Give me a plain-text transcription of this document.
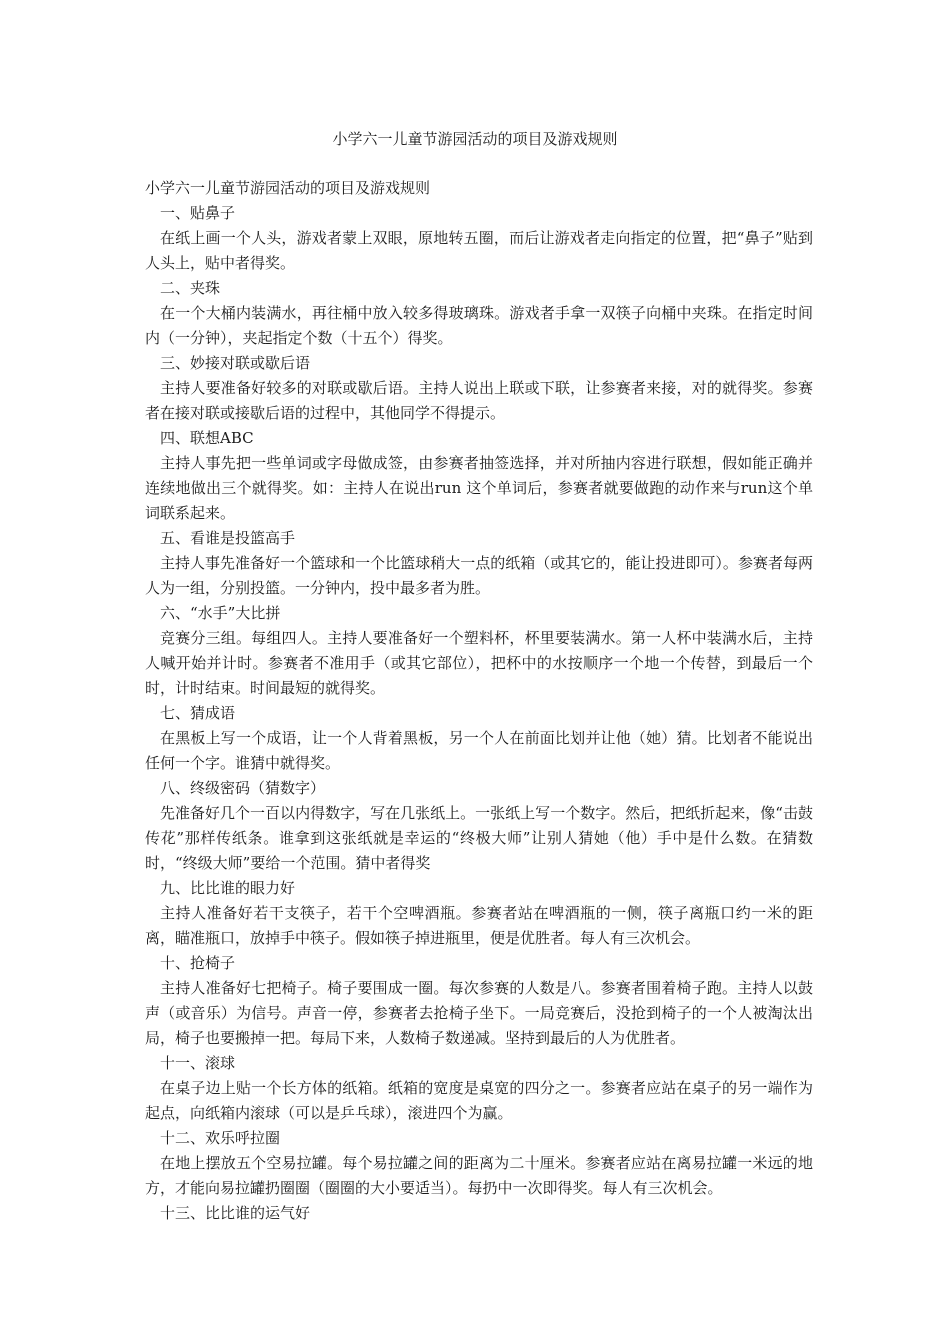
小学六一儿童节游园活动的项目及游戏规则

小学六一儿童节游园活动的项目及游戏规则

一、贴鼻子

在纸上画一个人头，游戏者蒙上双眼，原地转五圈，而后让游戏者走向指定的位置，把“鼻子”贴到人头上，贴中者得奖。

二、夹珠

在一个大桶内装满水，再往桶中放入较多得玻璃珠。游戏者手拿一双筷子向桶中夹珠。在指定时间内（一分钟），夹起指定个数（十五个）得奖。

三、妙接对联或歇后语

主持人要准备好较多的对联或歇后语。主持人说出上联或下联，让参赛者来接，对的就得奖。参赛者在接对联或接歇后语的过程中，其他同学不得提示。

四、联想ABC

主持人事先把一些单词或字母做成签，由参赛者抽签选择，并对所抽内容进行联想，假如能正确并连续地做出三个就得奖。如：主持人在说出run 这个单词后，参赛者就要做跑的动作来与run这个单词联系起来。

五、看谁是投篮高手

主持人事先准备好一个篮球和一个比篮球稍大一点的纸箱（或其它的，能让投进即可）。参赛者每两人为一组，分别投篮。一分钟内，投中最多者为胜。

六、“水手”大比拼

竞赛分三组。每组四人。主持人要准备好一个塑料杯，杯里要装满水。第一人杯中装满水后，主持人喊开始并计时。参赛者不准用手（或其它部位），把杯中的水按顺序一个地一个传替，到最后一个时，计时结束。时间最短的就得奖。

七、猜成语

在黑板上写一个成语，让一个人背着黑板，另一个人在前面比划并让他（她）猜。比划者不能说出任何一个字。谁猜中就得奖。

八、终级密码（猜数字）

先准备好几个一百以内得数字，写在几张纸上。一张纸上写一个数字。然后，把纸折起来，像“击鼓传花”那样传纸条。谁拿到这张纸就是幸运的“终极大师”让别人猜她（他）手中是什么数。在猜数时，“终级大师”要给一个范围。猜中者得奖

九、比比谁的眼力好

主持人准备好若干支筷子，若干个空啤酒瓶。参赛者站在啤酒瓶的一侧，筷子离瓶口约一米的距离，瞄准瓶口，放掉手中筷子。假如筷子掉进瓶里，便是优胜者。每人有三次机会。

十、抢椅子

主持人准备好七把椅子。椅子要围成一圈。每次参赛的人数是八。参赛者围着椅子跑。主持人以鼓声（或音乐）为信号。声音一停，参赛者去抢椅子坐下。一局竞赛后，没抢到椅子的一个人被淘汰出局，椅子也要搬掉一把。每局下来，人数椅子数递减。坚持到最后的人为优胜者。

十一、滚球

在桌子边上贴一个长方体的纸箱。纸箱的宽度是桌宽的四分之一。参赛者应站在桌子的另一端作为起点，向纸箱内滚球（可以是乒乓球），滚进四个为赢。

十二、欢乐呼拉圈

在地上摆放五个空易拉罐。每个易拉罐之间的距离为二十厘米。参赛者应站在离易拉罐一米远的地方，才能向易拉罐扔圈圈（圈圈的大小要适当）。每扔中一次即得奖。每人有三次机会。

十三、比比谁的运气好
